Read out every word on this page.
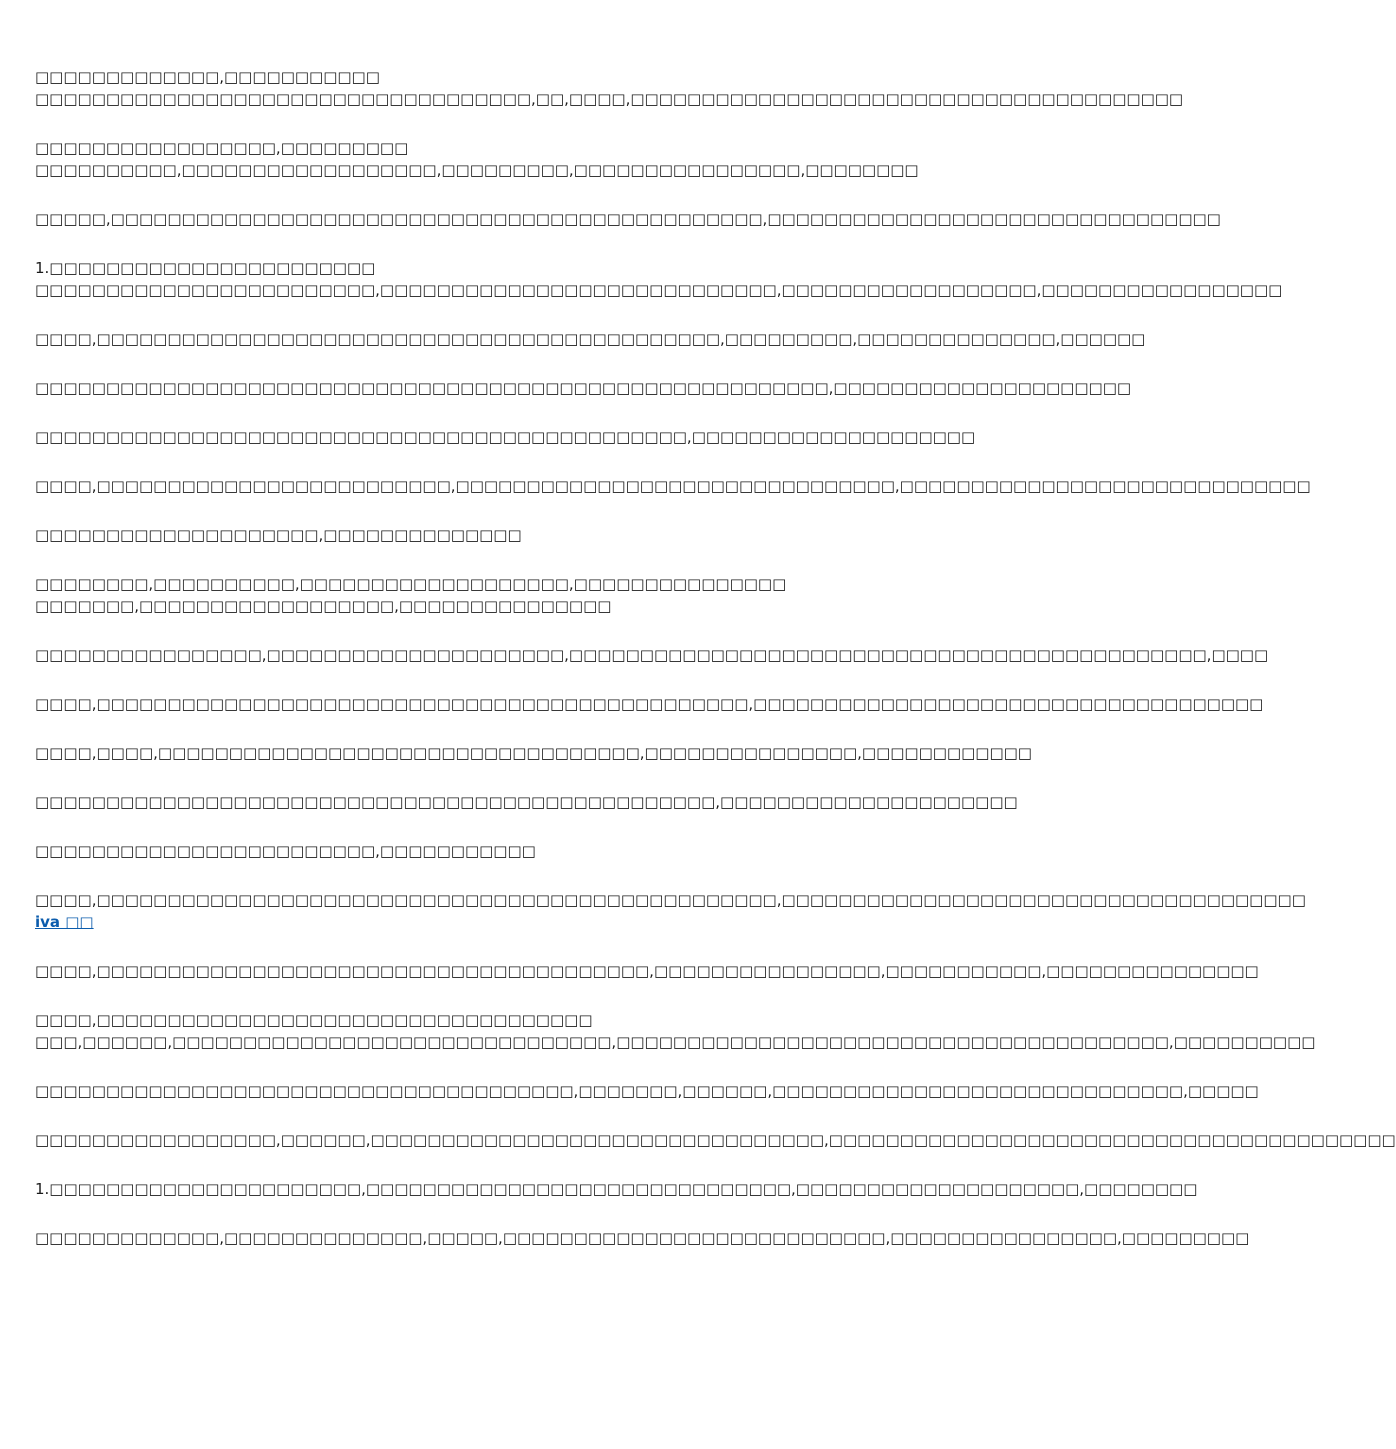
□□□□□□□□□□□□□,□□□□□□□□□□□
□□□□□□□□□□□□□□□□□□□□□□□□□□□□□□□□□□□,□□,□□□□,□□□□□□□□□□□□□□□□□□□□□□□□□□□□□□□□□□□□□□□

□□□□□□□□□□□□□□□□□,□□□□□□□□□
□□□□□□□□□□,□□□□□□□□□□□□□□□□□□,□□□□□□□□□,□□□□□□□□□□□□□□□□,□□□□□□□□

□□□□□,□□□□□□□□□□□□□□□□□□□□□□□□□□□□□□□□□□□□□□□□□□□□□□,□□□□□□□□□□□□□□□□□□□□□□□□□□□□□□□□

1.□□□□□□□□□□□□□□□□□□□□□□□
□□□□□□□□□□□□□□□□□□□□□□□□,□□□□□□□□□□□□□□□□□□□□□□□□□□□□,□□□□□□□□□□□□□□□□□□,□□□□□□□□□□□□□□□□□

□□□□,□□□□□□□□□□□□□□□□□□□□□□□□□□□□□□□□□□□□□□□□□□□□,□□□□□□□□□,□□□□□□□□□□□□□□,□□□□□□

□□□□□□□□□□□□□□□□□□□□□□□□□□□□□□□□□□□□□□□□□□□□□□□□□□□□□□□□,□□□□□□□□□□□□□□□□□□□□□

□□□□□□□□□□□□□□□□□□□□□□□□□□□□□□□□□□□□□□□□□□□□□□,□□□□□□□□□□□□□□□□□□□□

□□□□,□□□□□□□□□□□□□□□□□□□□□□□□□,□□□□□□□□□□□□□□□□□□□□□□□□□□□□□□□,□□□□□□□□□□□□□□□□□□□□□□□□□□□□□

□□□□□□□□□□□□□□□□□□□□,□□□□□□□□□□□□□□

□□□□□□□□,□□□□□□□□□□,□□□□□□□□□□□□□□□□□□□,□□□□□□□□□□□□□□□
□□□□□□□,□□□□□□□□□□□□□□□□□□,□□□□□□□□□□□□□□□

□□□□□□□□□□□□□□□□,□□□□□□□□□□□□□□□□□□□□□,□□□□□□□□□□□□□□□□□□□□□□□□□□□□□□□□□□□□□□□□□□□□□,□□□□

□□□□,□□□□□□□□□□□□□□□□□□□□□□□□□□□□□□□□□□□□□□□□□□□□□□,□□□□□□□□□□□□□□□□□□□□□□□□□□□□□□□□□□□□

□□□□,□□□□,□□□□□□□□□□□□□□□□□□□□□□□□□□□□□□□□□□,□□□□□□□□□□□□□□□,□□□□□□□□□□□□

□□□□□□□□□□□□□□□□□□□□□□□□□□□□□□□□□□□□□□□□□□□□□□□□,□□□□□□□□□□□□□□□□□□□□□

□□□□□□□□□□□□□□□□□□□□□□□□,□□□□□□□□□□□

□□□□,□□□□□□□□□□□□□□□□□□□□□□□□□□□□□□□□□□□□□□□□□□□□□□□□,□□□□□□□□□□□□□□□□□□□□□□□□□□□□□□□□□□□□□
iva □□

□□□□,□□□□□□□□□□□□□□□□□□□□□□□□□□□□□□□□□□□□□□□,□□□□□□□□□□□□□□□□,□□□□□□□□□□□,□□□□□□□□□□□□□□□

□□□□,□□□□□□□□□□□□□□□□□□□□□□□□□□□□□□□□□□□
□□□,□□□□□□,□□□□□□□□□□□□□□□□□□□□□□□□□□□□□□□,□□□□□□□□□□□□□□□□□□□□□□□□□□□□□□□□□□□□□□□,□□□□□□□□□□

□□□□□□□□□□□□□□□□□□□□□□□□□□□□□□□□□□□□□□,□□□□□□□,□□□□□□,□□□□□□□□□□□□□□□□□□□□□□□□□□□□□,□□□□□

□□□□□□□□□□□□□□□□□,□□□□□□,□□□□□□□□□□□□□□□□□□□□□□□□□□□□□□□□,□□□□□□□□□□□□□□□□□□□□□□□□□□□□□□□□□□□□□□□□

1.□□□□□□□□□□□□□□□□□□□□□□,□□□□□□□□□□□□□□□□□□□□□□□□□□□□□□,□□□□□□□□□□□□□□□□□□□□,□□□□□□□□

□□□□□□□□□□□□□,□□□□□□□□□□□□□□,□□□□□,□□□□□□□□□□□□□□□□□□□□□□□□□□□,□□□□□□□□□□□□□□□□,□□□□□□□□□
